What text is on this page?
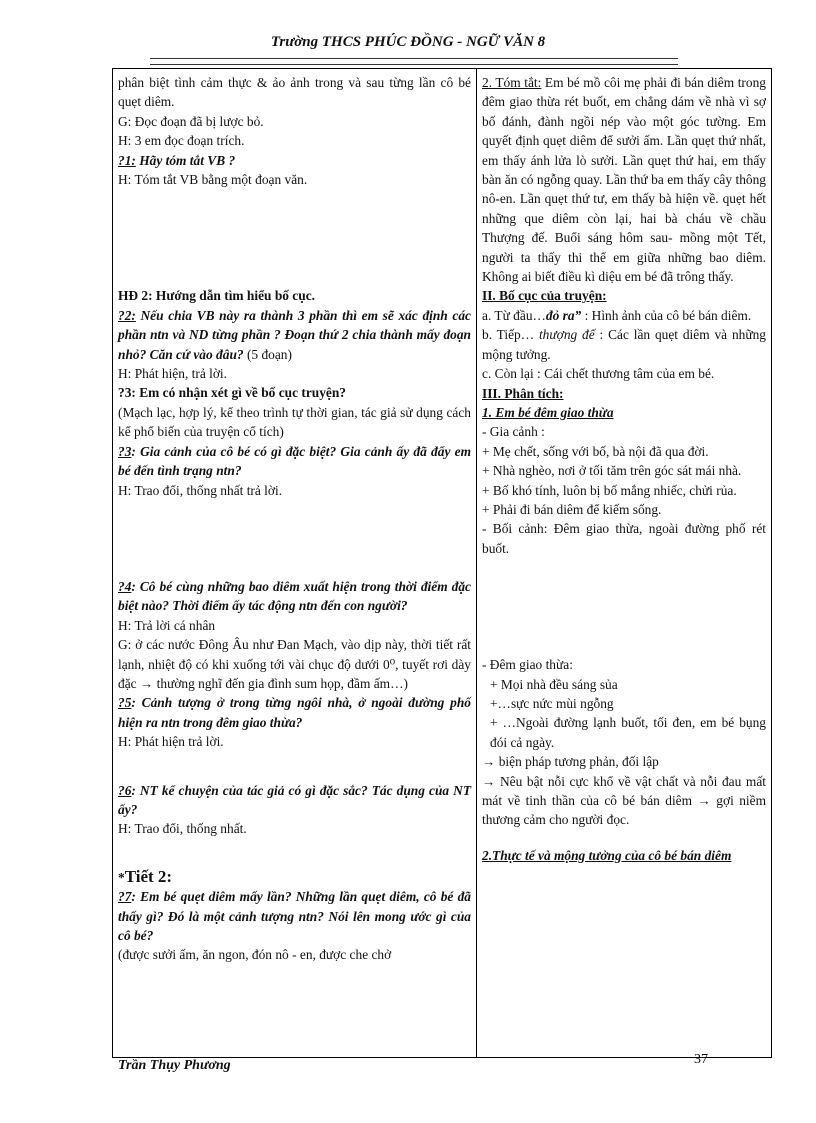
Trường THCS PHÚC ĐỒNG - NGỮ VĂN 8
phân biệt tình cảm thực & ảo ảnh trong và sau từng lần cô bé quẹt diêm.
G: Đọc đoạn đã bị lược bỏ.
H: 3 em đọc đoạn trích.
?1: Hãy tóm tắt VB ?
H: Tóm tắt VB bằng một đoạn văn.
HĐ 2: Hướng dẫn tìm hiểu bố cục.
?2: Nếu chia VB này ra thành 3 phần thì em sẽ xác định các phần ntn và ND từng phần ? Đoạn thứ 2 chia thành mấy đoạn nhỏ? Căn cứ vào đâu? (5 đoạn)
H: Phát hiện, trả lời.
?3: Em có nhận xét gì về bố cục truyện?
(Mạch lạc, hợp lý, kể theo trình tự thời gian, tác giả sử dụng cách kể phổ biến của truyện cổ tích)
?3: Gia cảnh của cô bé có gì đặc biệt? Gia cảnh ấy đã đẩy em bé đến tình trạng ntn?
H: Trao đổi, thống nhất trả lời.
?4: Cô bé cùng những bao diêm xuất hiện trong thời điểm đặc biệt nào? Thời điểm ấy tác động ntn đến con người?
H: Trả lời cá nhân
G: ở các nước Đông Âu như Đan Mạch, vào dịp này, thời tiết rất lạnh, nhiệt độ có khi xuống tới vài chục độ dưới 0⁰, tuyết rơi dày đặc → thường nghĩ đến gia đình sum họp, đầm ấm…)
?5: Cảnh tượng ở trong từng ngôi nhà, ở ngoài đường phố hiện ra ntn trong đêm giao thừa?
H: Phát hiện trả lời.
?6: NT kể chuyện của tác giả có gì đặc sắc? Tác dụng của NT ấy?
H: Trao đổi, thống nhất.
*Tiết 2:
?7: Em bé quẹt diêm mấy lần? Những lần quẹt diêm, cô bé đã thấy gì? Đó là một cảnh tượng ntn? Nói lên mong ước gì của cô bé?
(được sưởi ấm, ăn ngon, đón nô - en, được che chở

2. Tóm tắt: Em bé mồ côi mẹ phải đi bán diêm trong đêm giao thừa rét buốt, em chẳng dám về nhà vì sợ bố đánh, đành ngồi nép vào một góc tường. Em quyết định quẹt diêm để sưởi ấm. Lần quẹt thứ nhất, em thấy ánh lửa lò sưởi. Lần quẹt thứ hai, em thấy bàn ăn có ngỗng quay. Lần thứ ba em thấy cây thông nô-en. Lần quẹt thứ tư, em thấy bà hiện về. quẹt hết những que diêm còn lại, hai bà cháu về chầu Thượng đế. Buổi sáng hôm sau- mồng một Tết, người ta thấy thi thể em giữa những bao diêm. Không ai biết điều kì diệu em bé đã trông thấy.
II. Bố cục của truyện:
a. Từ đầu…đỏ ra” : Hình ảnh của cô bé bán diêm.
b. Tiếp… thượng đế : Các lần quẹt diêm và những mộng tưởng.
c. Còn lại : Cái chết thương tâm của em bé.
III. Phân tích:
1. Em bé đêm giao thừa
- Gia cảnh :
+ Mẹ chết, sống với bố, bà nội đã qua đời.
+ Nhà nghèo, nơi ở tối tăm trên góc sát mái nhà.
+ Bố khó tính, luôn bị bố mắng nhiếc, chửi rủa.
+ Phải đi bán diêm để kiếm sống.
- Bối cảnh: Đêm giao thừa, ngoài đường phố rét buốt.
- Đêm giao thừa:
+ Mọi nhà đều sáng sủa
+…sực nức mùi ngỗng
+ …Ngoài đường lạnh buốt, tối đen, em bé bụng đói cả ngày.
→ biện pháp tương phản, đối lập
→ Nêu bật nỗi cực khổ về vật chất và nỗi đau mất mát về tinh thần của cô bé bán diêm → gợi niềm thương cảm cho người đọc.
2.Thực tế và mộng tưởng của cô bé bán diêm
Trần Thụy Phương	37
